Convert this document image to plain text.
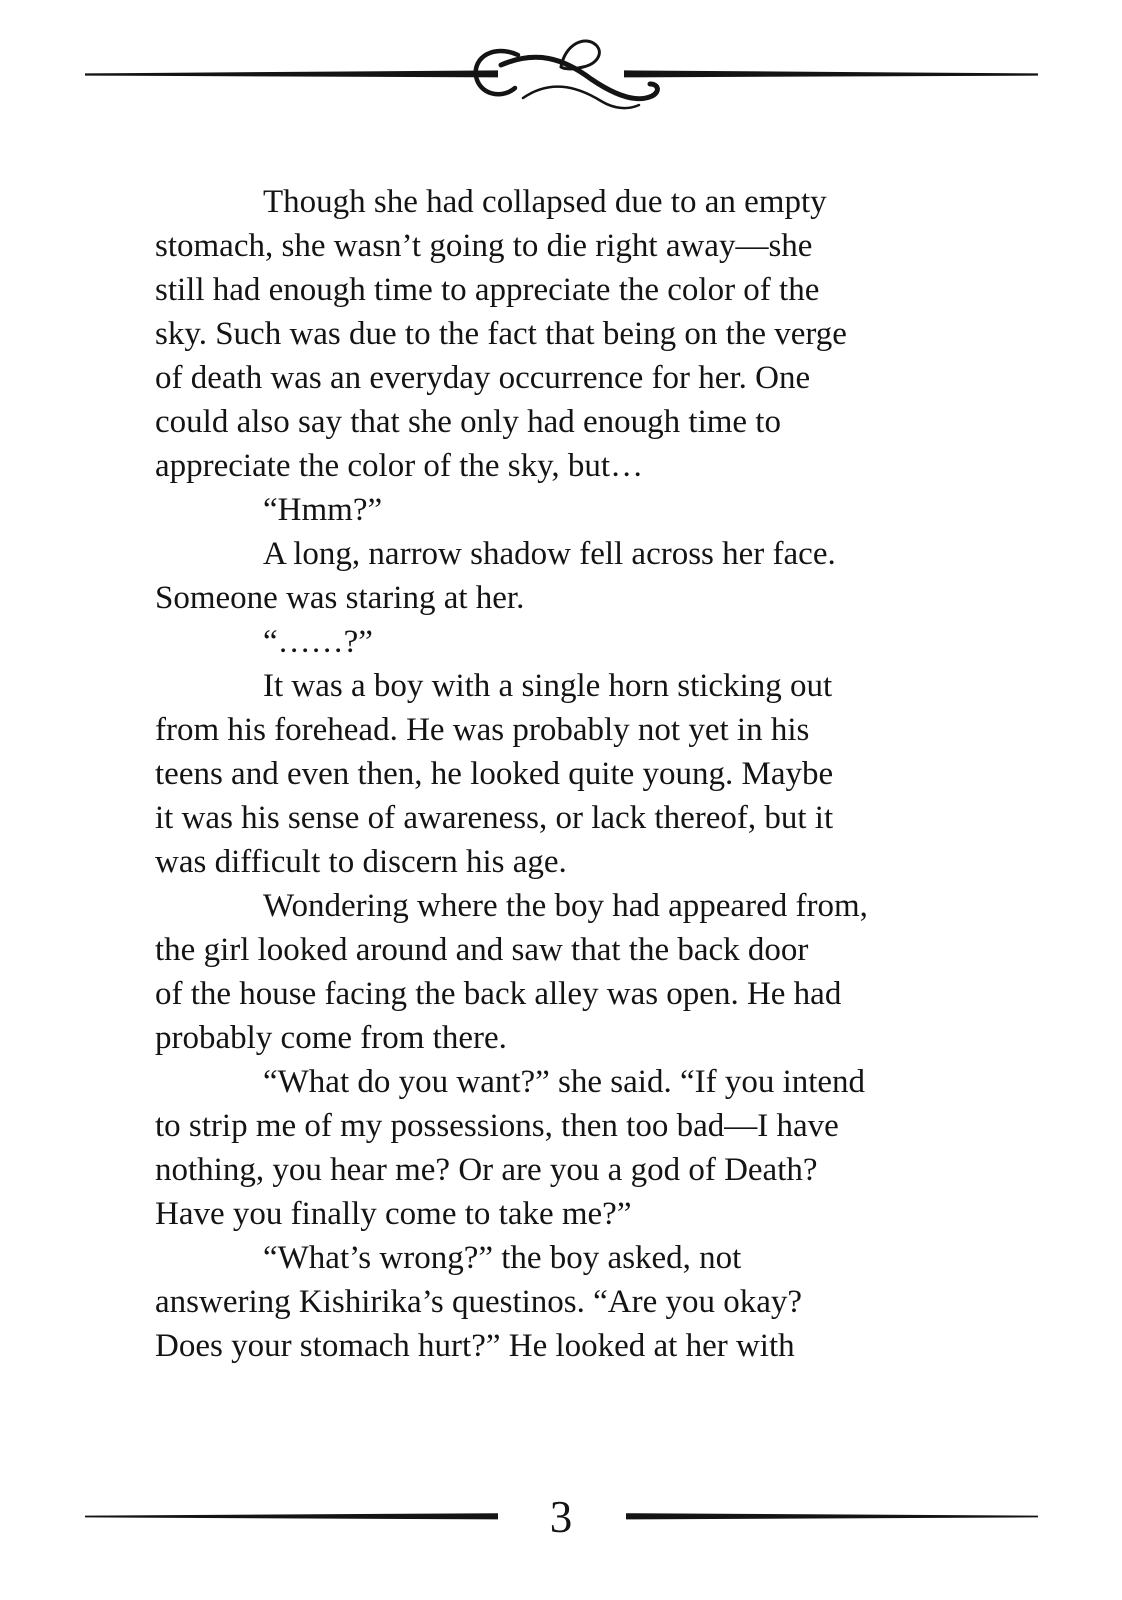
Though she had collapsed due to an empty
stomach, she wasn’t going to die right away—she
still had enough time to appreciate the color of the
sky. Such was due to the fact that being on the verge
of death was an everyday occurrence for her. One
could also say that she only had enough time to
appreciate the color of the sky, but…
“Hmm?”
A long, narrow shadow fell across her face.
Someone was staring at her.
“……?”
It was a boy with a single horn sticking out
from his forehead. He was probably not yet in his
teens and even then, he looked quite young. Maybe
it was his sense of awareness, or lack thereof, but it
was difficult to discern his age.
Wondering where the boy had appeared from,
the girl looked around and saw that the back door
of the house facing the back alley was open. He had
probably come from there.
“What do you want?” she said. “If you intend
to strip me of my possessions, then too bad—I have
nothing, you hear me? Or are you a god of Death?
Have you finally come to take me?”
“What’s wrong?” the boy asked, not
answering Kishirika’s questinos. “Are you okay?
Does your stomach hurt?” He looked at her with
3
